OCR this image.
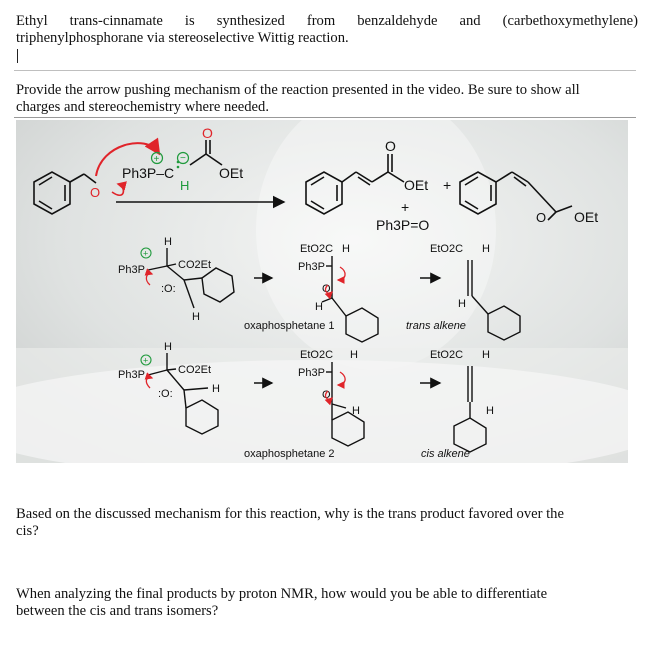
Ethyl trans-cinnamate is synthesized from benzaldehyde and (carbethoxymethylene)
triphenylphosphorane via stereoselective Wittig reaction.
Provide the arrow pushing mechanism of the reaction presented in the video. Be sure to show all
charges and stereochemistry where needed.
O
Ph3P–C
H
+ −
O
OEt
O
OEt
+
+
Ph3P=O	O OEt
+
Ph3P
H
CO2Et
:O:
H
EtO2C H
Ph3P
O
H
oxaphosphetane 1
EtO2C H
H
trans alkene
+
Ph3P
H
CO2Et
:O:	H
EtO2C H
Ph3P
O
H
oxaphosphetane 2
EtO2C H
H
cis alkene
Based on the discussed mechanism for this reaction, why is the trans product favored over the
cis?
When analyzing the final products by proton NMR, how would you be able to differentiate
between the cis and trans isomers?
